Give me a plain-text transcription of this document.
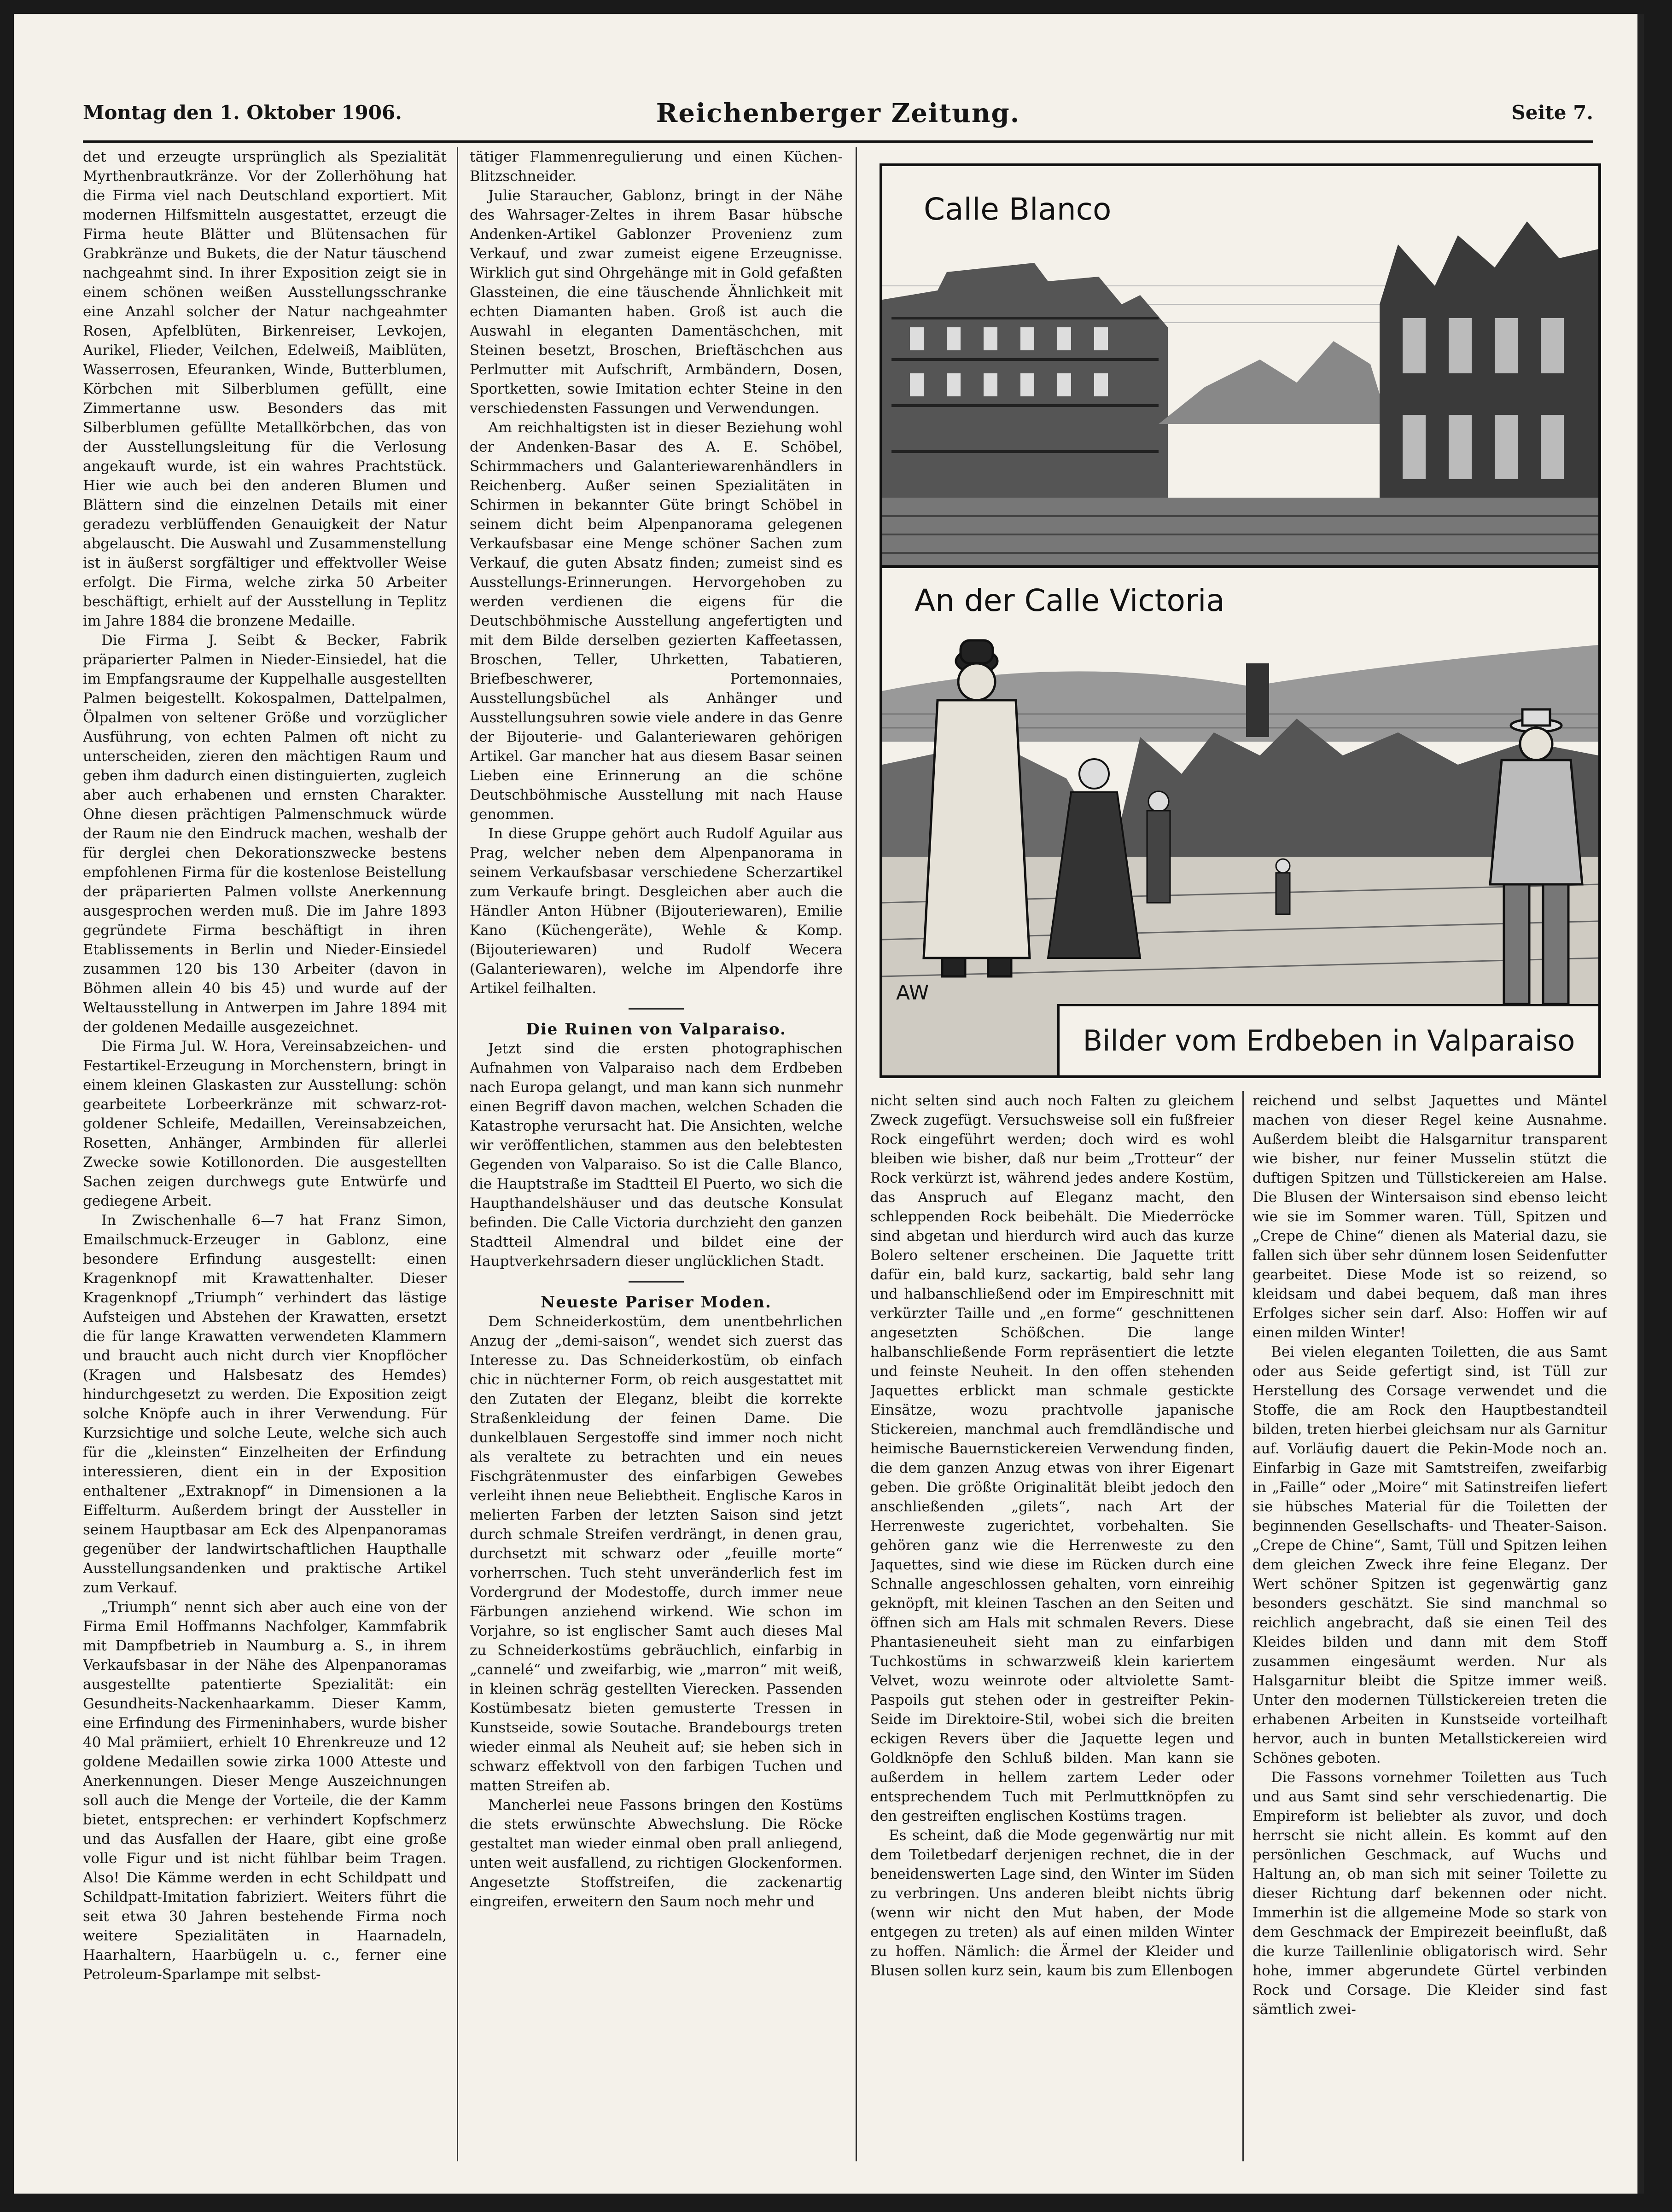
Montag den 1. Oktober 1906.	Reichenberger Zeitung.	Seite 7.

det und erzeugte ursprünglich als Spezialität Myrthenbrautkränze. Vor der Zollerhöhung hat die Firma viel nach Deutschland exportiert. Mit modernen Hilfsmitteln ausgestattet, erzeugt die Firma heute Blätter und Blütensachen für Grabkränze und Bukets, die der Natur täuschend nachgeahmt sind. In ihrer Exposition zeigt sie in einem schönen weißen Ausstellungsschranke eine Anzahl solcher der Natur nachgeahmter Rosen, Apfelblüten, Birkenreiser, Levkojen, Aurikel, Flieder, Veilchen, Edelweiß, Maiblüten, Wasserrosen, Efeuranken, Winde, Butterblumen, Körbchen mit Silberblumen gefüllt, eine Zimmertanne usw. Besonders das mit Silberblumen gefüllte Metallkörbchen, das von der Ausstellungsleitung für die Verlosung angekauft wurde, ist ein wahres Prachtstück. Hier wie auch bei den anderen Blumen und Blättern sind die einzelnen Details mit einer geradezu verblüffenden Genauigkeit der Natur abgelauscht. Die Auswahl und Zusammenstellung ist in äußerst sorgfältiger und effektvoller Weise erfolgt. Die Firma, welche zirka 50 Arbeiter beschäftigt, erhielt auf der Ausstellung in Teplitz im Jahre 1884 die bronzene Medaille.

Die Firma J. Seibt & Becker, Fabrik präparierter Palmen in Nieder-Einsiedel, hat die im Empfangsraume der Kuppelhalle ausgestellten Palmen beigestellt. Kokospalmen, Dattelpalmen, Ölpalmen von seltener Größe und vorzüglicher Ausführung, von echten Palmen oft nicht zu unterscheiden, zieren den mächtigen Raum und geben ihm dadurch einen distinguierten, zugleich aber auch erhabenen und ernsten Charakter. Ohne diesen prächtigen Palmenschmuck würde der Raum nie den Eindruck machen, weshalb der für derglei chen Dekorationszwecke bestens empfohlenen Firma für die kostenlose Beistellung der präparierten Palmen vollste Anerkennung ausgesprochen werden muß. Die im Jahre 1893 gegründete Firma beschäftigt in ihren Etablissements in Berlin und Nieder-Einsiedel zusammen 120 bis 130 Arbeiter (davon in Böhmen allein 40 bis 45) und wurde auf der Weltausstellung in Antwerpen im Jahre 1894 mit der goldenen Medaille ausgezeichnet.

Die Firma Jul. W. Hora, Vereinsabzeichen- und Festartikel-Erzeugung in Morchenstern, bringt in einem kleinen Glaskasten zur Ausstellung: schön gearbeitete Lorbeerkränze mit schwarz-rot-goldener Schleife, Medaillen, Vereinsabzeichen, Rosetten, Anhänger, Armbinden für allerlei Zwecke sowie Kotillonorden. Die ausgestellten Sachen zeigen durchwegs gute Entwürfe und gediegene Arbeit.

In Zwischenhalle 6—7 hat Franz Simon, Emailschmuck-Erzeuger in Gablonz, eine besondere Erfindung ausgestellt: einen Kragenknopf mit Krawattenhalter. Dieser Kragenknopf „Triumph“ verhindert das lästige Aufsteigen und Abstehen der Krawatten, ersetzt die für lange Krawatten verwendeten Klammern und braucht auch nicht durch vier Knopflöcher (Kragen und Halsbesatz des Hemdes) hindurchgesetzt zu werden. Die Exposition zeigt solche Knöpfe auch in ihrer Verwendung. Für Kurzsichtige und solche Leute, welche sich auch für die „kleinsten“ Einzelheiten der Erfindung interessieren, dient ein in der Exposition enthaltener „Extraknopf“ in Dimensionen a la Eiffelturm. Außerdem bringt der Aussteller in seinem Hauptbasar am Eck des Alpenpanoramas gegenüber der landwirtschaftlichen Haupthalle Ausstellungsandenken und praktische Artikel zum Verkauf.

„Triumph“ nennt sich aber auch eine von der Firma Emil Hoffmanns Nachfolger, Kammfabrik mit Dampfbetrieb in Naumburg a. S., in ihrem Verkaufsbasar in der Nähe des Alpenpanoramas ausgestellte patentierte Spezialität: ein Gesundheits-Nackenhaarkamm. Dieser Kamm, eine Erfindung des Firmeninhabers, wurde bisher 40 Mal prämiiert, erhielt 10 Ehrenkreuze und 12 goldene Medaillen sowie zirka 1000 Atteste und Anerkennungen. Dieser Menge Auszeichnungen soll auch die Menge der Vorteile, die der Kamm bietet, entsprechen: er verhindert Kopfschmerz und das Ausfallen der Haare, gibt eine große volle Figur und ist nicht fühlbar beim Tragen. Also! Die Kämme werden in echt Schildpatt und Schildpatt-Imitation fabriziert. Weiters führt die seit etwa 30 Jahren bestehende Firma noch weitere Spezialitäten in Haarnadeln, Haarhaltern, Haarbügeln u. c., ferner eine Petroleum-Sparlampe mit selbst-

tätiger Flammenregulierung und einen Küchen-Blitzschneider.

Julie Staraucher, Gablonz, bringt in der Nähe des Wahrsager-Zeltes in ihrem Basar hübsche Andenken-Artikel Gablonzer Provenienz zum Verkauf, und zwar zumeist eigene Erzeugnisse. Wirklich gut sind Ohrgehänge mit in Gold gefaßten Glassteinen, die eine täuschende Ähnlichkeit mit echten Diamanten haben. Groß ist auch die Auswahl in eleganten Damentäschchen, mit Steinen besetzt, Broschen, Brieftäschchen aus Perlmutter mit Aufschrift, Armbändern, Dosen, Sportketten, sowie Imitation echter Steine in den verschiedensten Fassungen und Verwendungen.

Am reichhaltigsten ist in dieser Beziehung wohl der Andenken-Basar des A. E. Schöbel, Schirmmachers und Galanteriewarenhändlers in Reichenberg. Außer seinen Spezialitäten in Schirmen in bekannter Güte bringt Schöbel in seinem dicht beim Alpenpanorama gelegenen Verkaufsbasar eine Menge schöner Sachen zum Verkauf, die guten Absatz finden; zumeist sind es Ausstellungs-Erinnerungen. Hervorgehoben zu werden verdienen die eigens für die Deutschböhmische Ausstellung angefertigten und mit dem Bilde derselben gezierten Kaffeetassen, Broschen, Teller, Uhrketten, Tabatieren, Briefbeschwerer, Portemonnaies, Ausstellungsbüchel als Anhänger und Ausstellungsuhren sowie viele andere in das Genre der Bijouterie- und Galanteriewaren gehörigen Artikel. Gar mancher hat aus diesem Basar seinen Lieben eine Erinnerung an die schöne Deutschböhmische Ausstellung mit nach Hause genommen.

In diese Gruppe gehört auch Rudolf Aguilar aus Prag, welcher neben dem Alpenpanorama in seinem Verkaufsbasar verschiedene Scherzartikel zum Verkaufe bringt. Desgleichen aber auch die Händler Anton Hübner (Bijouteriewaren), Emilie Kano (Küchengeräte), Wehle & Komp. (Bijouteriewaren) und Rudolf Wecera (Galanteriewaren), welche im Alpendorfe ihre Artikel feilhalten.

Die Ruinen von Valparaiso.

Jetzt sind die ersten photographischen Aufnahmen von Valparaiso nach dem Erdbeben nach Europa gelangt, und man kann sich nunmehr einen Begriff davon machen, welchen Schaden die Katastrophe verursacht hat. Die Ansichten, welche wir veröffentlichen, stammen aus den belebtesten Gegenden von Valparaiso. So ist die Calle Blanco, die Hauptstraße im Stadtteil El Puerto, wo sich die Haupthandelshäuser und das deutsche Konsulat befinden. Die Calle Victoria durchzieht den ganzen Stadtteil Almendral und bildet eine der Hauptverkehrsadern dieser unglücklichen Stadt.

Neueste Pariser Moden.

Dem Schneiderkostüm, dem unentbehrlichen Anzug der „demi-saison“, wendet sich zuerst das Interesse zu. Das Schneiderkostüm, ob einfach chic in nüchterner Form, ob reich ausgestattet mit den Zutaten der Eleganz, bleibt die korrekte Straßenkleidung der feinen Dame. Die dunkelblauen Sergestoffe sind immer noch nicht als veraltete zu betrachten und ein neues Fischgrätenmuster des einfarbigen Gewebes verleiht ihnen neue Beliebtheit. Englische Karos in melierten Farben der letzten Saison sind jetzt durch schmale Streifen verdrängt, in denen grau, durchsetzt mit schwarz oder „feuille morte“ vorherrschen. Tuch steht unveränderlich fest im Vordergrund der Modestoffe, durch immer neue Färbungen anziehend wirkend. Wie schon im Vorjahre, so ist englischer Samt auch dieses Mal zu Schneiderkostüms gebräuchlich, einfarbig in „cannelé“ und zweifarbig, wie „marron“ mit weiß, in kleinen schräg gestellten Vierecken. Passenden Kostümbesatz bieten gemusterte Tressen in Kunstseide, sowie Soutache. Brandebourgs treten wieder einmal als Neuheit auf; sie heben sich in schwarz effektvoll von den farbigen Tuchen und matten Streifen ab.

Mancherlei neue Fassons bringen den Kostüms die stets erwünschte Abwechslung. Die Röcke gestaltet man wieder einmal oben prall anliegend, unten weit ausfallend, zu richtigen Glockenformen. Angesetzte Stoffstreifen, die zackenartig eingreifen, erweitern den Saum noch mehr und

AW
Calle Blanco
An der Calle Victoria
Bilder vom Erdbeben in Valparaiso

nicht selten sind auch noch Falten zu gleichem Zweck zugefügt. Versuchsweise soll ein fußfreier Rock eingeführt werden; doch wird es wohl bleiben wie bisher, daß nur beim „Trotteur“ der Rock verkürzt ist, während jedes andere Kostüm, das Anspruch auf Eleganz macht, den schleppenden Rock beibehält. Die Miederröcke sind abgetan und hierdurch wird auch das kurze Bolero seltener erscheinen. Die Jaquette tritt dafür ein, bald kurz, sackartig, bald sehr lang und halbanschließend oder im Empireschnitt mit verkürzter Taille und „en forme“ geschnittenen angesetzten Schößchen. Die lange halbanschließende Form repräsentiert die letzte und feinste Neuheit. In den offen stehenden Jaquettes erblickt man schmale gestickte Einsätze, wozu prachtvolle japanische Stickereien, manchmal auch fremdländische und heimische Bauernstickereien Verwendung finden, die dem ganzen Anzug etwas von ihrer Eigenart geben. Die größte Originalität bleibt jedoch den anschließenden „gilets“, nach Art der Herrenweste zugerichtet, vorbehalten. Sie gehören ganz wie die Herrenweste zu den Jaquettes, sind wie diese im Rücken durch eine Schnalle angeschlossen gehalten, vorn einreihig geknöpft, mit kleinen Taschen an den Seiten und öffnen sich am Hals mit schmalen Revers. Diese Phantasieneuheit sieht man zu einfarbigen Tuchkostüms in schwarzweiß klein kariertem Velvet, wozu weinrote oder altviolette Samt-Paspoils gut stehen oder in gestreifter Pekin-Seide im Direktoire-Stil, wobei sich die breiten eckigen Revers über die Jaquette legen und Goldknöpfe den Schluß bilden. Man kann sie außerdem in hellem zartem Leder oder entsprechendem Tuch mit Perlmuttknöpfen zu den gestreiften englischen Kostüms tragen.

Es scheint, daß die Mode gegenwärtig nur mit dem Toiletbedarf derjenigen rechnet, die in der beneidenswerten Lage sind, den Winter im Süden zu verbringen. Uns anderen bleibt nichts übrig (wenn wir nicht den Mut haben, der Mode entgegen zu treten) als auf einen milden Winter zu hoffen. Nämlich: die Ärmel der Kleider und Blusen sollen kurz sein, kaum bis zum Ellenbogen

reichend und selbst Jaquettes und Mäntel machen von dieser Regel keine Ausnahme. Außerdem bleibt die Halsgarnitur transparent wie bisher, nur feiner Musselin stützt die duftigen Spitzen und Tüllstickereien am Halse. Die Blusen der Wintersaison sind ebenso leicht wie sie im Sommer waren. Tüll, Spitzen und „Crepe de Chine“ dienen als Material dazu, sie fallen sich über sehr dünnem losen Seidenfutter gearbeitet. Diese Mode ist so reizend, so kleidsam und dabei bequem, daß man ihres Erfolges sicher sein darf. Also: Hoffen wir auf einen milden Winter!

Bei vielen eleganten Toiletten, die aus Samt oder aus Seide gefertigt sind, ist Tüll zur Herstellung des Corsage verwendet und die Stoffe, die am Rock den Hauptbestandteil bilden, treten hierbei gleichsam nur als Garnitur auf. Vorläufig dauert die Pekin-Mode noch an. Einfarbig in Gaze mit Samtstreifen, zweifarbig in „Faille“ oder „Moire“ mit Satinstreifen liefert sie hübsches Material für die Toiletten der beginnenden Gesellschafts- und Theater-Saison. „Crepe de Chine“, Samt, Tüll und Spitzen leihen dem gleichen Zweck ihre feine Eleganz. Der Wert schöner Spitzen ist gegenwärtig ganz besonders geschätzt. Sie sind manchmal so reichlich angebracht, daß sie einen Teil des Kleides bilden und dann mit dem Stoff zusammen eingesäumt werden. Nur als Halsgarnitur bleibt die Spitze immer weiß. Unter den modernen Tüllstickereien treten die erhabenen Arbeiten in Kunstseide vorteilhaft hervor, auch in bunten Metallstickereien wird Schönes geboten.

Die Fassons vornehmer Toiletten aus Tuch und aus Samt sind sehr verschiedenartig. Die Empireform ist beliebter als zuvor, und doch herrscht sie nicht allein. Es kommt auf den persönlichen Geschmack, auf Wuchs und Haltung an, ob man sich mit seiner Toilette zu dieser Richtung darf bekennen oder nicht. Immerhin ist die allgemeine Mode so stark von dem Geschmack der Empirezeit beeinflußt, daß die kurze Taillenlinie obligatorisch wird. Sehr hohe, immer abgerundete Gürtel verbinden Rock und Corsage. Die Kleider sind fast sämtlich zwei-
